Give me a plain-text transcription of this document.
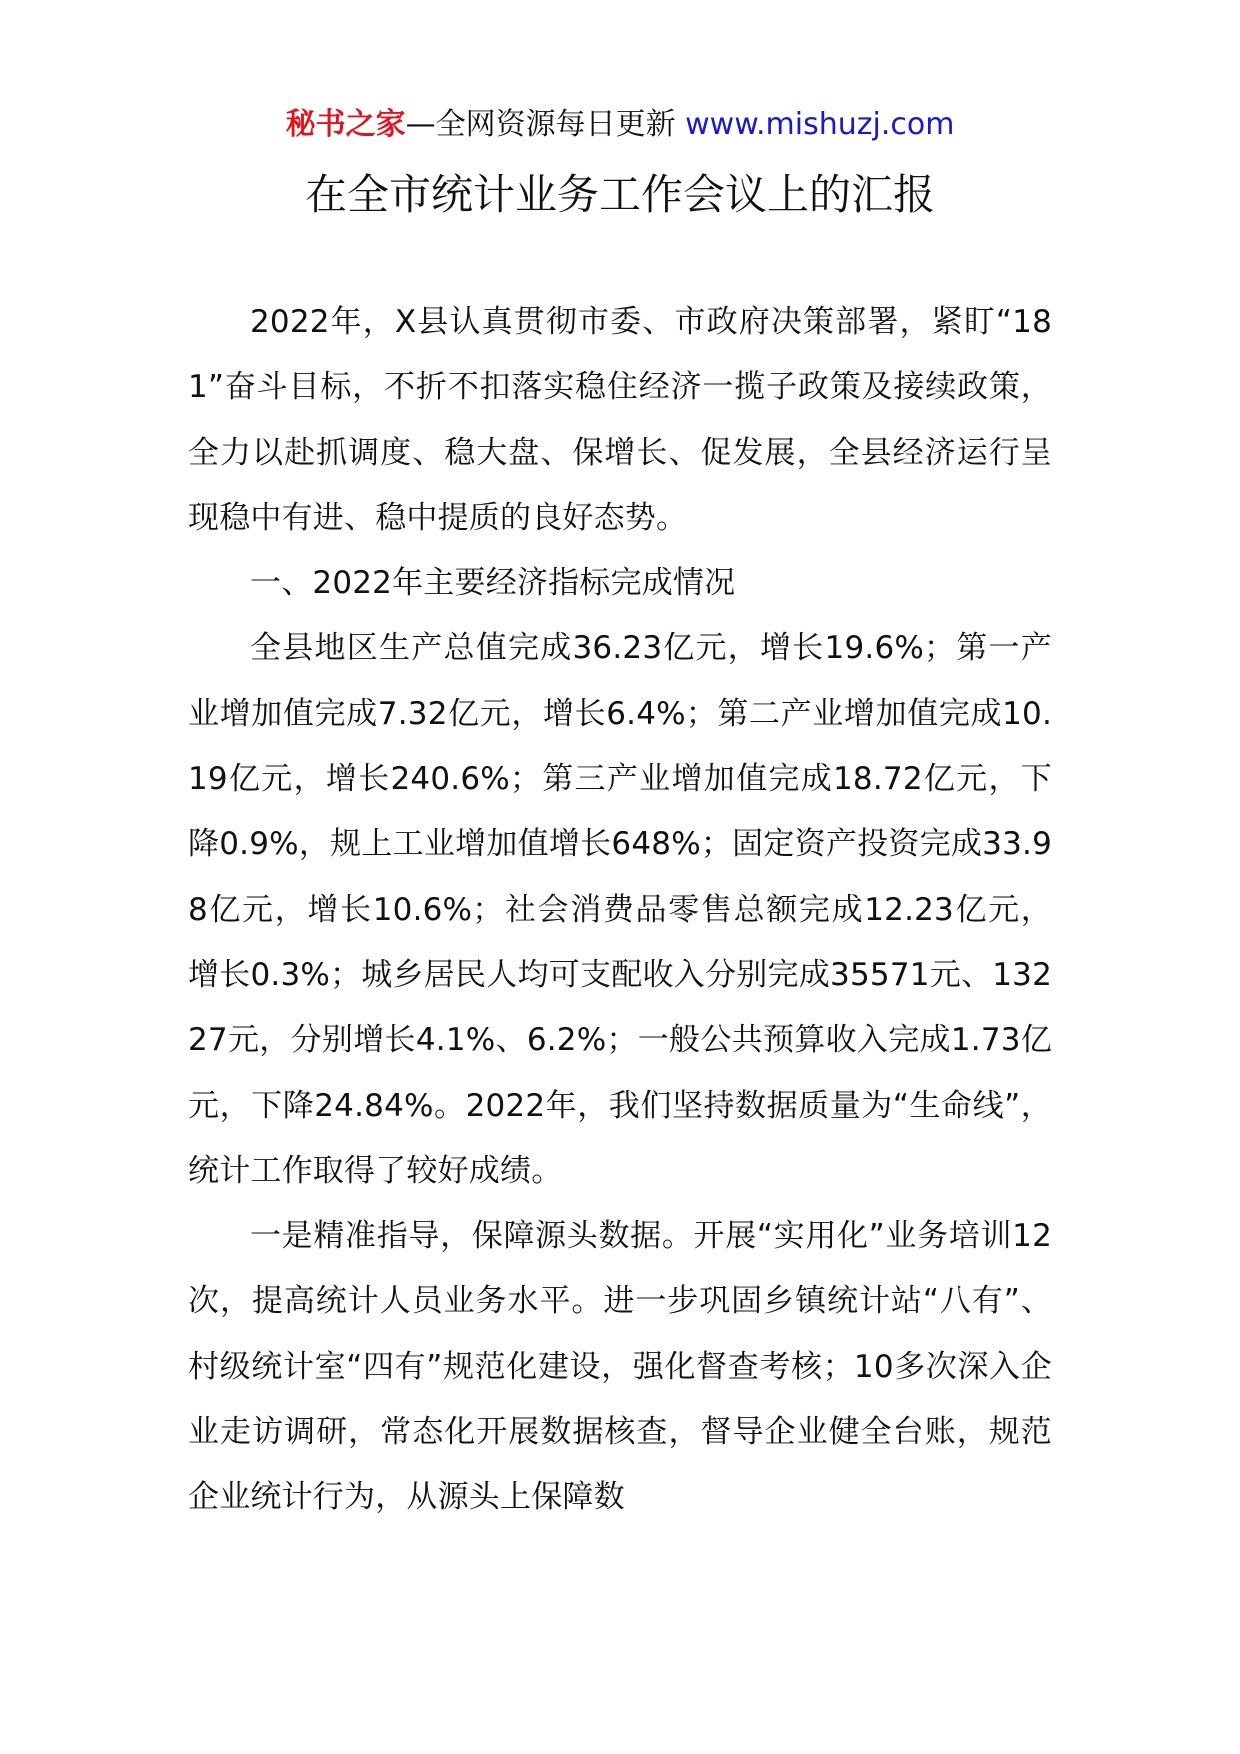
秘书之家—全网资源每日更新 www.mishuzj.com
在全市统计业务工作会议上的汇报

2022年，X县认真贯彻市委、市政府决策部署，紧盯“181”奋斗目标，不折不扣落实稳住经济一揽子政策及接续政策，全力以赴抓调度、稳大盘、保增长、促发展，全县经济运行呈现稳中有进、稳中提质的良好态势。

一、2022年主要经济指标完成情况

全县地区生产总值完成36.23亿元，增长19.6%；第一产业增加值完成7.32亿元，增长6.4%；第二产业增加值完成10.19亿元，增长240.6%；第三产业增加值完成18.72亿元，下降0.9%，规上工业增加值增长648%；固定资产投资完成33.98亿元，增长10.6%；社会消费品零售总额完成12.23亿元，增长0.3%；城乡居民人均可支配收入分别完成35571元、13227元，分别增长4.1%、6.2%；一般公共预算收入完成1.73亿元，下降24.84%。2022年，我们坚持数据质量为“生命线”，统计工作取得了较好成绩。

一是精准指导，保障源头数据。开展“实用化”业务培训12次，提高统计人员业务水平。进一步巩固乡镇统计站“八有”、村级统计室“四有”规范化建设，强化督查考核；10多次深入企业走访调研，常态化开展数据核查，督导企业健全台账，规范企业统计行为，从源头上保障数
